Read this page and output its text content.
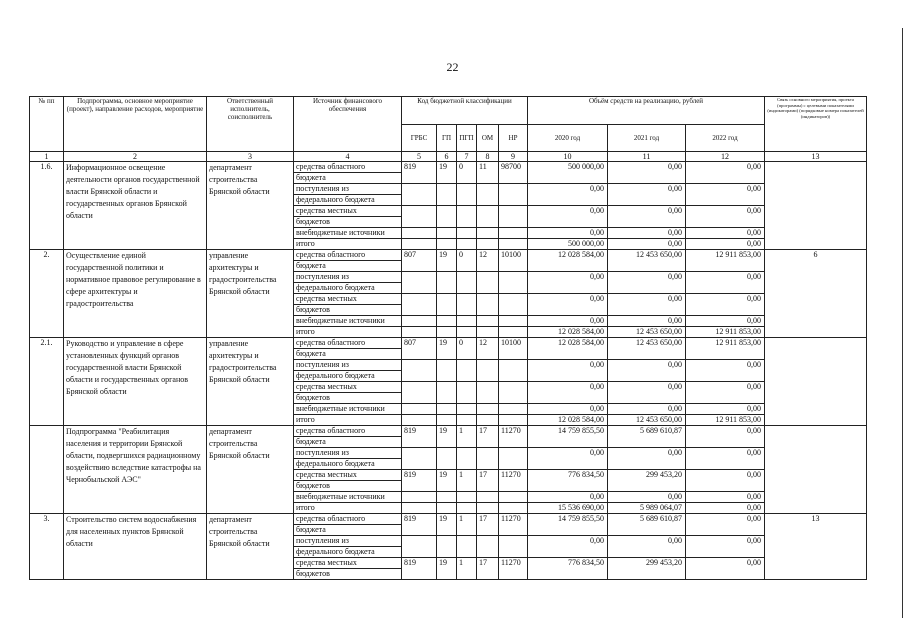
22
№ пп	Подпрограмма, основное мероприятие (проект), направление расходов, мероприятие	Ответственный исполнитель, соисполнитель	Источник финансового обеспечения	Код бюджетной классификации					Объём средств на реализацию, рублей			Связь основного мероприятия, проекта (программы) с целевыми показателями (индикаторами) (порядковые номера показателей (индикаторов))
				ГРБС	ГП	ПГП	ОМ	НР	2020 год	2021 год	2022 год	
1	2	3	4	5	6	7	8	9	10	11	12	13
1.6.	Информационное освещение деятельности органов государственной власти Брянской области и государственных органов Брянской области	департамент строительства Брянской области	средства областного	819	19	0	11	98700	500 000,00	0,00	0,00	
			бюджета									
			поступления из						0,00	0,00	0,00	
			федерального бюджета									
			средства местных						0,00	0,00	0,00	
			бюджетов									
			внебюджетные источники						0,00	0,00	0,00	
			итого						500 000,00	0,00	0,00	
2.	Осуществление единой государственной политики и нормативное правовое регулирование в сфере архитектуры и градостроительства	управление архитектуры и градостроительства Брянской области	средства областного	807	19	0	12	10100	12 028 584,00	12 453 650,00	12 911 853,00	6
			бюджета									
			поступления из						0,00	0,00	0,00	
			федерального бюджета									
			средства местных						0,00	0,00	0,00	
			бюджетов									
			внебюджетные источники						0,00	0,00	0,00	
			итого						12 028 584,00	12 453 650,00	12 911 853,00	
2.1.	Руководство и управление в сфере установленных функций органов государственной власти Брянской области и государственных органов Брянской области	управление архитектуры и градостроительства Брянской области	средства областного	807	19	0	12	10100	12 028 584,00	12 453 650,00	12 911 853,00	
			бюджета									
			поступления из						0,00	0,00	0,00	
			федерального бюджета									
			средства местных						0,00	0,00	0,00	
			бюджетов									
			внебюджетные источники						0,00	0,00	0,00	
			итого						12 028 584,00	12 453 650,00	12 911 853,00	
	Подпрограмма "Реабилитация населения и территории Брянской области, подвергшихся радиационному воздействию вследствие катастрофы на Чернобыльской АЭС"	департамент строительства Брянской области	средства областного	819	19	1	17	11270	14 759 855,50	5 689 610,87	0,00	
			бюджета									
			поступления из						0,00	0,00	0,00	
			федерального бюджета									
			средства местных	819	19	1	17	11270	776 834,50	299 453,20	0,00	
			бюджетов									
			внебюджетные источники						0,00	0,00	0,00	
			итого						15 536 690,00	5 989 064,07	0,00	
3.	Строительство систем водоснабжения для населенных пунктов Брянской области	департамент строительства Брянской области	средства областного	819	19	1	17	11270	14 759 855,50	5 689 610,87	0,00	13
			бюджета									
			поступления из						0,00	0,00	0,00	
			федерального бюджета									
			средства местных	819	19	1	17	11270	776 834,50	299 453,20	0,00	
			бюджетов									
